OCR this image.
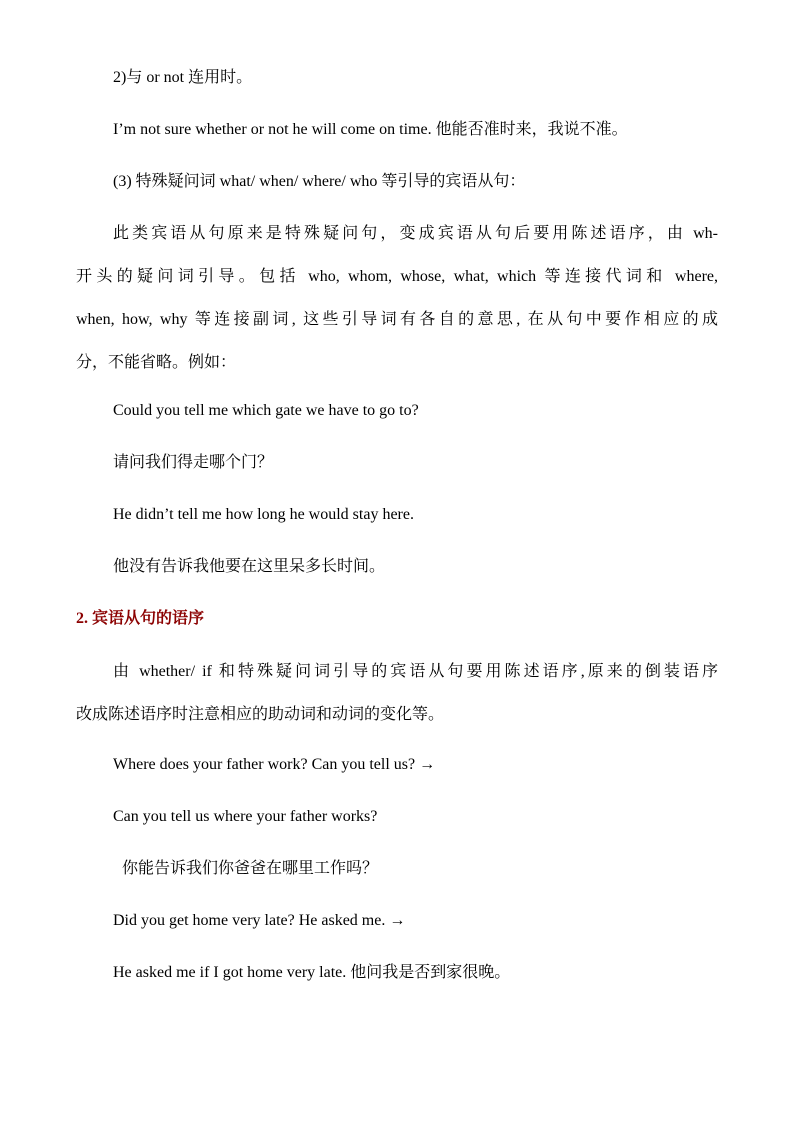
2)与 or not 连用时。
I’m not sure whether or not he will come on time. 他能否准时来，我说不准。
(3) 特殊疑问词 what/ when/ where/ who 等引导的宾语从句：
此类宾语从句原来是特殊疑问句，变成宾语从句后要用陈述语序，由 wh-
开头的疑问词引导。包括 who, whom, whose, what, which 等连接代词和 where,
when, how, why 等连接副词, 这些引导词有各自的意思, 在从句中要作相应的成
分，不能省略。例如：
Could you tell me which gate we have to go to?
请问我们得走哪个门？
He didn’t tell me how long he would stay here.
他没有告诉我他要在这里呆多长时间。
2. 宾语从句的语序
由 whether/ if 和特殊疑问词引导的宾语从句要用陈述语序,原来的倒装语序
改成陈述语序时注意相应的助动词和动词的变化等。
Where does your father work? Can you tell us? →
Can you tell us where your father works?
你能告诉我们你爸爸在哪里工作吗？
Did you get home very late? He asked me. →
He asked me if I got home very late. 他问我是否到家很晚。
